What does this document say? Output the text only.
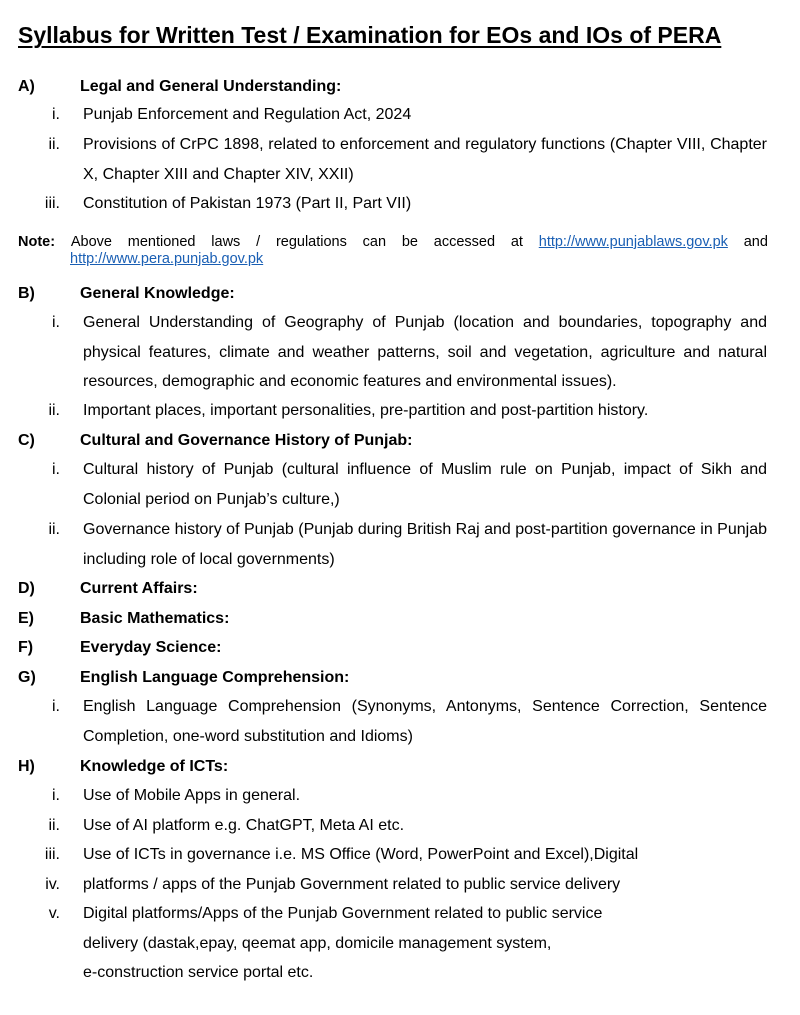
Syllabus for Written Test / Examination for EOs and IOs of PERA
A)	Legal and General Understanding:
i. Punjab Enforcement and Regulation Act, 2024
ii. Provisions of CrPC 1898, related to enforcement and regulatory functions (Chapter VIII, Chapter X, Chapter XIII and Chapter XIV, XXII)
iii. Constitution of Pakistan 1973 (Part II, Part VII)
Note: Above mentioned laws / regulations can be accessed at http://www.punjablaws.gov.pk and
http://www.pera.punjab.gov.pk
B)	General Knowledge:
i. General Understanding of Geography of Punjab (location and boundaries, topography and physical features, climate and weather patterns, soil and vegetation, agriculture and natural resources, demographic and economic features and environmental issues).
ii. Important places, important personalities, pre-partition and post-partition history.
C)	Cultural and Governance History of Punjab:
i. Cultural history of Punjab (cultural influence of Muslim rule on Punjab, impact of Sikh and Colonial period on Punjab’s culture,)
ii. Governance history of Punjab (Punjab during British Raj and post-partition governance in Punjab including role of local governments)
D)	Current Affairs:
E)	Basic Mathematics:
F)	Everyday Science:
G)	English Language Comprehension:
i. English Language Comprehension (Synonyms, Antonyms, Sentence Correction, Sentence Completion, one-word substitution and Idioms)
H)	Knowledge of ICTs:
i. Use of Mobile Apps in general.
ii. Use of AI platform e.g. ChatGPT, Meta AI etc.
iii. Use of ICTs in governance i.e. MS Office (Word, PowerPoint and Excel),Digital
iv. platforms / apps of the Punjab Government related to public service delivery
v. Digital platforms/Apps of the Punjab Government related to public service
delivery (dastak,epay, qeemat app, domicile management system,
e-construction service portal etc.
